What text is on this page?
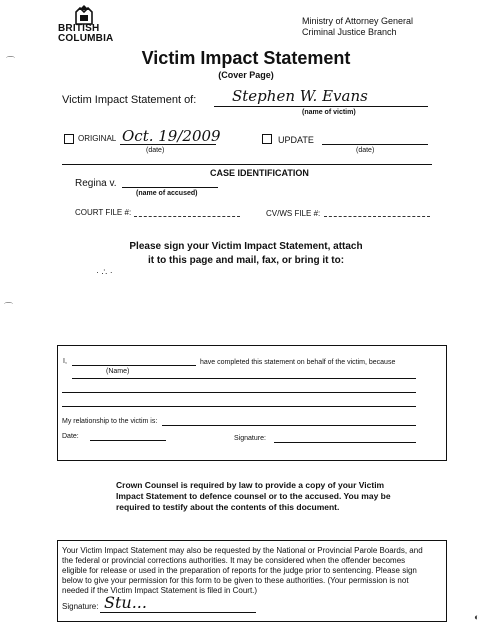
BRITISH
COLUMBIA
Ministry of Attorney General
Criminal Justice Branch
Victim Impact Statement
(Cover Page)
Victim Impact Statement of: Stephen W. Evans
(name of victim)
ORIGINAL Oct. 19/2009
(date)
UPDATE
(date)
CASE IDENTIFICATION
Regina v.
(name of accused)
COURT FILE #:	CV/WS FILE #:
Please sign your Victim Impact Statement, attach
it to this page and mail, fax, or bring it to:
I,	have completed this statement on behalf of the victim, because
(Name)
My relationship to the victim is:
Date:	Signature:
Crown Counsel is required by law to provide a copy of your Victim Impact Statement to defence counsel or to the accused. You may be required to testify about the contents of this document.
Your Victim Impact Statement may also be requested by the National or Provincial Parole Boards, and the federal or provincial corrections authorities. It may be considered when the offender becomes eligible for release or used in the preparation of reports for the judge prior to sentencing. Please sign below to give your permission for this form to be given to these authorities. (Your permission is not needed if the Victim Impact Statement is filed in Court.)
Signature: Stu...
· ∴ ·
⌒
⌒
◐
